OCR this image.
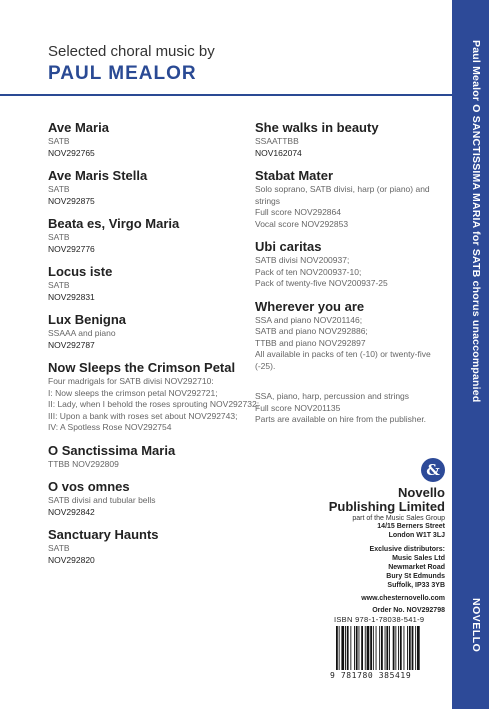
Selected choral music by
PAUL MEALOR
NOVELLO
Ave Maria
SATB
NOV292765
Ave Maris Stella
SATB
NOV292875
Beata es, Virgo Maria
SATB
NOV292776
Locus iste
SATB
NOV292831
Lux Benigna
SSAAA and piano
NOV292787
Now Sleeps the Crimson Petal
Four madrigals for SATB divisi NOV292710:
I: Now sleeps the crimson petal NOV292721;
II: Lady, when I behold the roses sprouting NOV292732;
III: Upon a bank with roses set about NOV292743;
IV: A Spotless Rose NOV292754
O Sanctissima Maria
TTBB NOV292809
O vos omnes
SATB divisi and tubular bells
NOV292842
Sanctuary Haunts
SATB
NOV292820
She walks in beauty
SSAATTBB
NOV162074
Stabat Mater
Solo soprano, SATB divisi, harp (or piano) and strings
Full score NOV292864
Vocal score NOV292853
Ubi caritas
SATB divisi NOV200937;
Pack of ten NOV200937-10;
Pack of twenty-five NOV200937-25
Wherever you are
SSA and piano NOV201146;
SATB and piano NOV292886;
TTBB and piano NOV292897
All available in packs of ten (-10) or twenty-five (-25).
SSA, piano, harp, percussion and strings
Full score NOV201135
Parts are available on hire from the publisher.
&
Novello
Publishing Limited
part of the Music Sales Group
14/15 Berners Street
London W1T 3LJ
Exclusive distributors:
Music Sales Ltd
Newmarket Road
Bury St Edmunds
Suffolk, IP33 3YB
www.chesternovello.com
Order No. NOV292798
ISBN 978-1-78038-541-9
9 781780 385419
